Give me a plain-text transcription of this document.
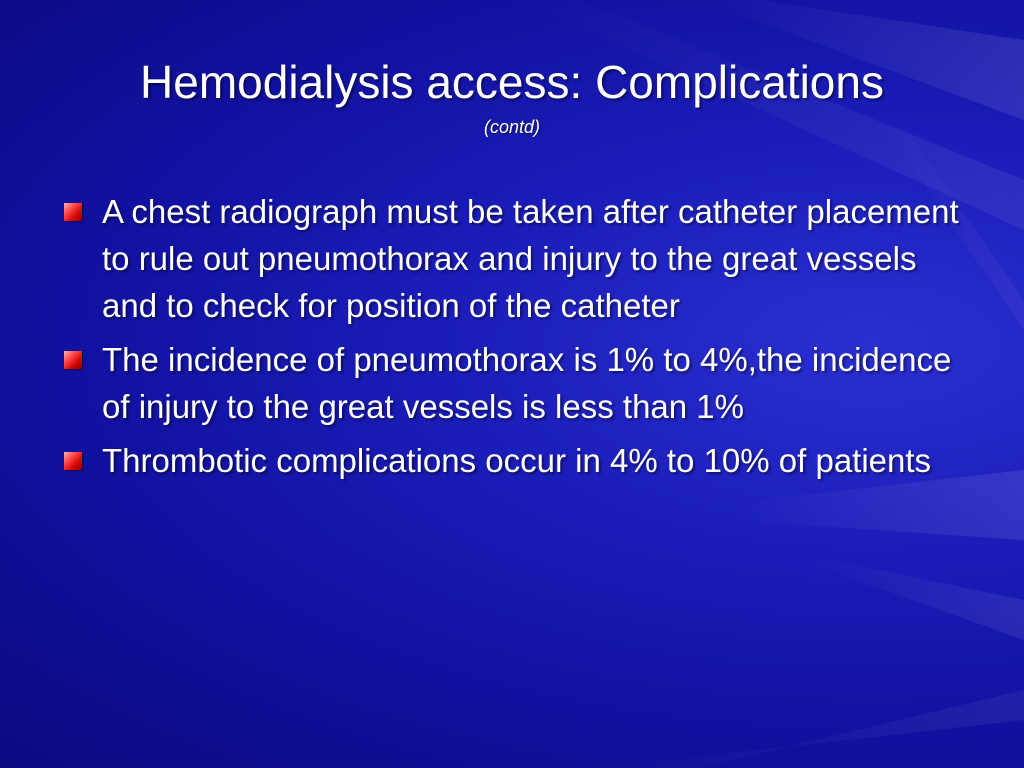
Hemodialysis access: Complications
(contd)
A chest radiograph must be taken after catheter placement to rule out pneumothorax and injury to the great vessels and to check for position of the catheter
The incidence of pneumothorax is 1% to 4%,the incidence of injury to the great vessels is less than 1%
Thrombotic complications occur in 4% to 10% of patients
